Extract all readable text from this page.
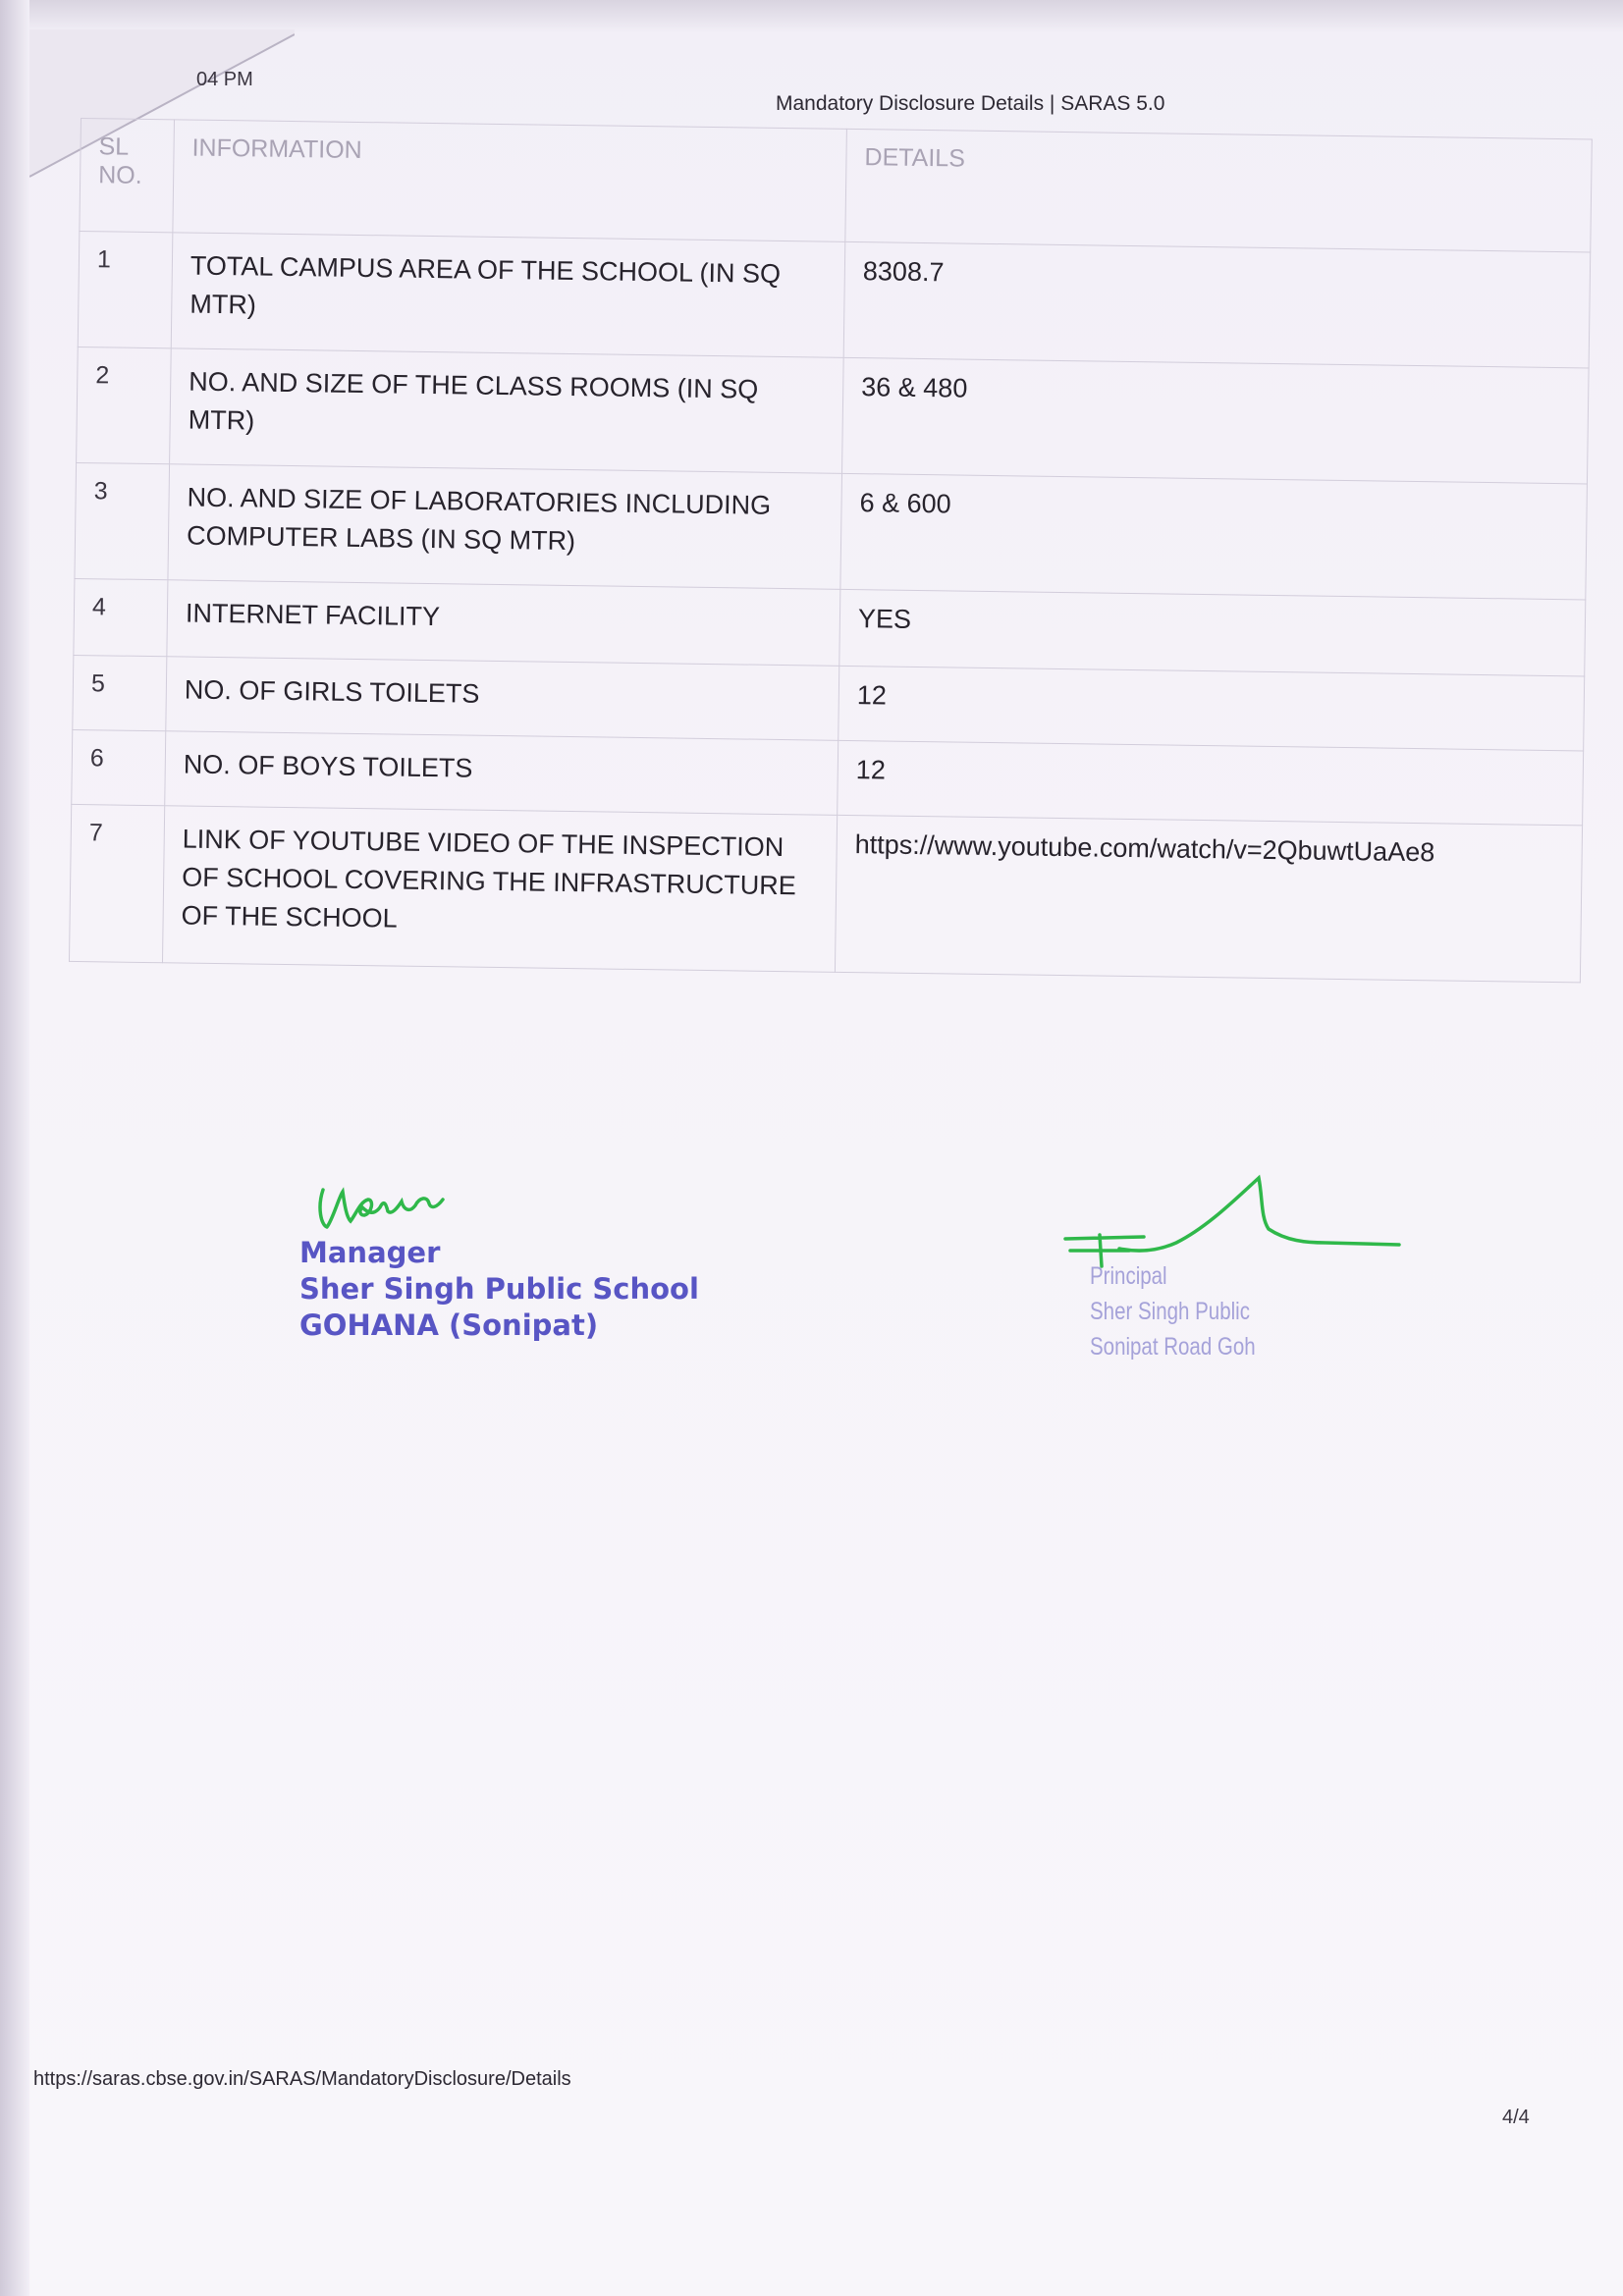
04 PM
Mandatory Disclosure Details | SARAS 5.0
SL NO.	INFORMATION	DETAILS
1	TOTAL CAMPUS AREA OF THE SCHOOL (IN SQ MTR)	8308.7
2	NO. AND SIZE OF THE CLASS ROOMS (IN SQ MTR)	36 & 480
3	NO. AND SIZE OF LABORATORIES INCLUDING COMPUTER LABS (IN SQ MTR)	6 & 600
4	INTERNET FACILITY	YES
5	NO. OF GIRLS TOILETS	12
6	NO. OF BOYS TOILETS	12
7	LINK OF YOUTUBE VIDEO OF THE INSPECTION OF SCHOOL COVERING THE INFRASTRUCTURE OF THE SCHOOL	https://www.youtube.com/watch/v=2QbuwtUaAe8
Manager
Sher Singh Public School
GOHANA (Sonipat)
Principal
Sher Singh Public
Sonipat Road Goh
https://saras.cbse.gov.in/SARAS/MandatoryDisclosure/Details
4/4
